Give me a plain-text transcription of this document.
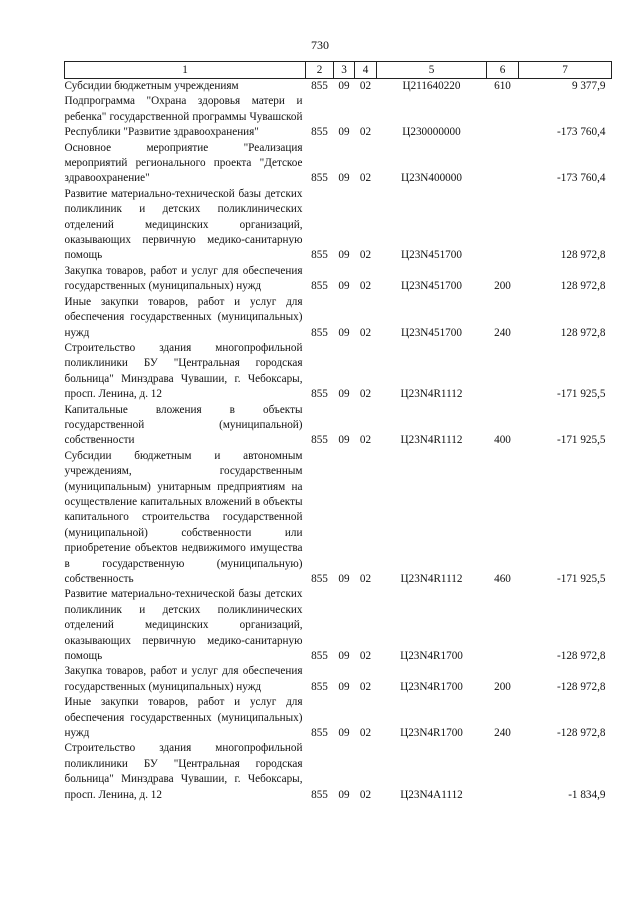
730
1	2	3	4	5	6	7
Субсидии бюджетным учреждениям	855	09	02	Ц211640220	610	9 377,9
Подпрограмма "Охрана здоровья матери и ребенка" государственной программы Чувашской Республики "Развитие здравоохранения"	855	09	02	Ц230000000		-173 760,4
Основное мероприятие "Реализация мероприятий регионального проекта "Детское здравоохранение"	855	09	02	Ц23N400000		-173 760,4
Развитие материально-технической базы детских поликлиник и детских поликлинических отделений медицинских организаций, оказывающих первичную медико-санитарную помощь	855	09	02	Ц23N451700		128 972,8
Закупка товаров, работ и услуг для обеспечения государственных (муниципальных) нужд	855	09	02	Ц23N451700	200	128 972,8
Иные закупки товаров, работ и услуг для обеспечения государственных (муниципальных) нужд	855	09	02	Ц23N451700	240	128 972,8
Строительство здания многопрофильной поликлиники БУ "Центральная городская больница" Минздрава Чувашии, г. Чебоксары, просп. Ленина, д. 12	855	09	02	Ц23N4R1112		-171 925,5
Капитальные вложения в объекты государственной (муниципальной) собственности	855	09	02	Ц23N4R1112	400	-171 925,5
Субсидии бюджетным и автономным учреждениям, государственным (муниципальным) унитарным предприятиям на осуществление капитальных вложений в объекты капитального строительства государственной (муниципальной) собственности или приобретение объектов недвижимого имущества в государственную (муниципальную) собственность	855	09	02	Ц23N4R1112	460	-171 925,5
Развитие материально-технической базы детских поликлиник и детских поликлинических отделений медицинских организаций, оказывающих первичную медико-санитарную помощь	855	09	02	Ц23N4R1700		-128 972,8
Закупка товаров, работ и услуг для обеспечения государственных (муниципальных) нужд	855	09	02	Ц23N4R1700	200	-128 972,8
Иные закупки товаров, работ и услуг для обеспечения государственных (муниципальных) нужд	855	09	02	Ц23N4R1700	240	-128 972,8
Строительство здания многопрофильной поликлиники БУ "Центральная городская больница" Минздрава Чувашии, г. Чебоксары, просп. Ленина, д. 12	855	09	02	Ц23N4A1112		-1 834,9
